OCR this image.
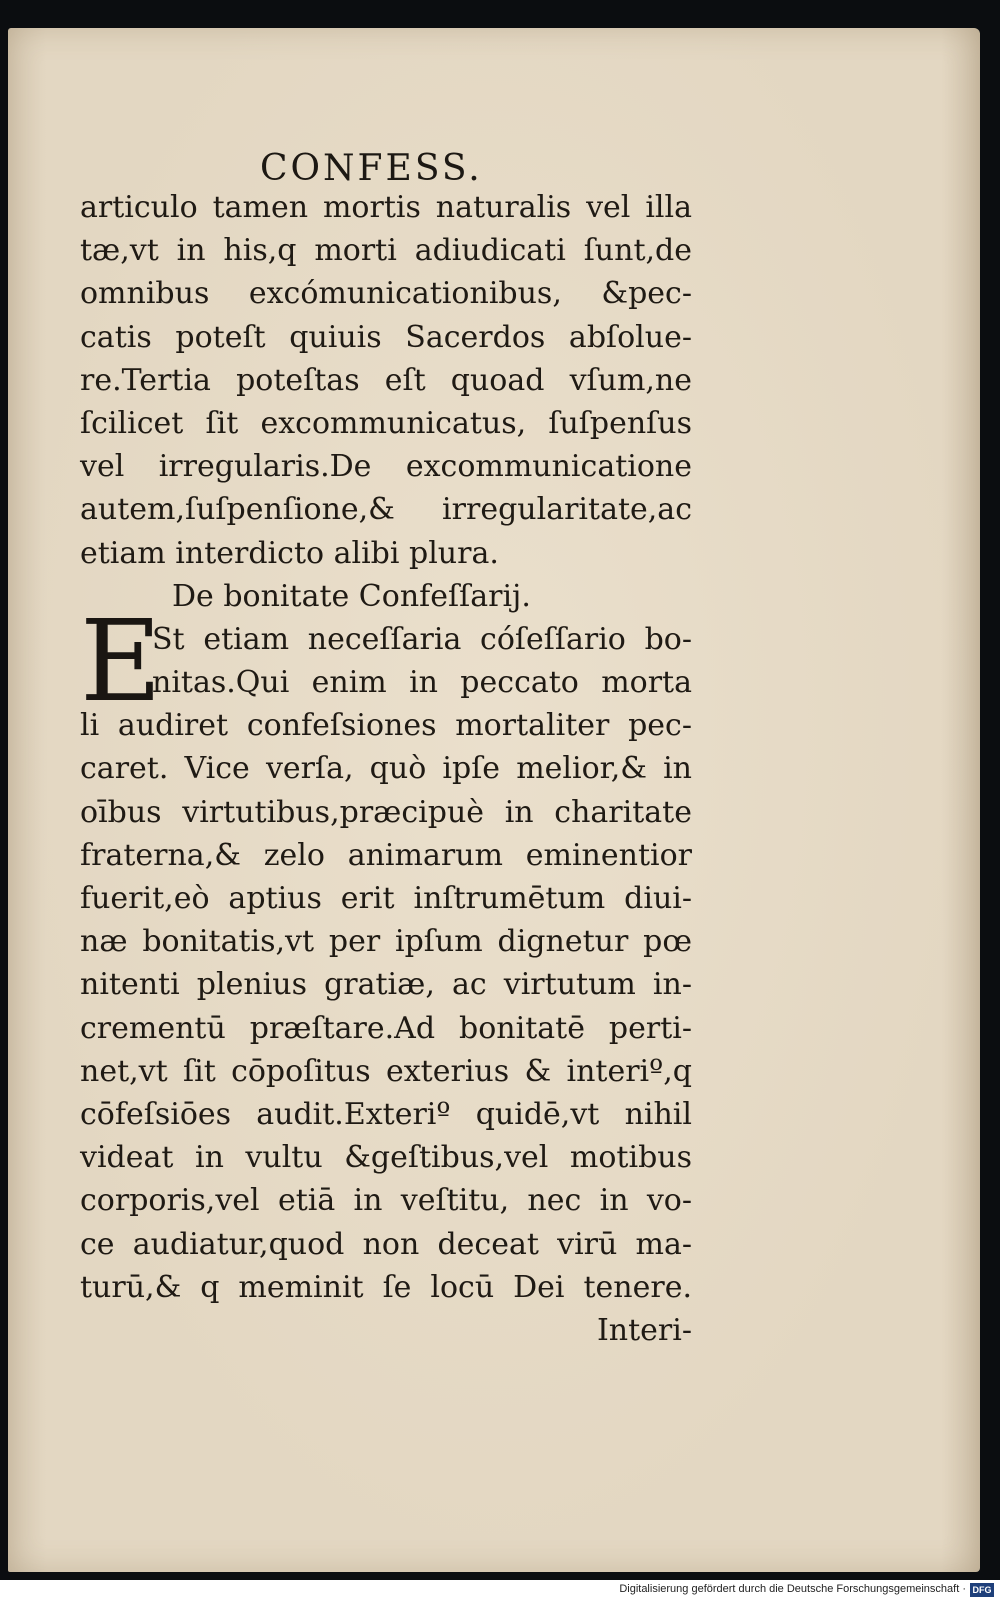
CONFESS.
E
articulo tamen mortis naturalis vel illa
tæ,vt in his,q morti adiudicati ſunt,de
omnibus excómunicationibus, &pec-
catis poteſt quiuis Sacerdos abſolue-
re.Tertia poteſtas eſt quoad vſum,ne
ſcilicet ſit excommunicatus, ſuſpenſus
vel irregularis.De excommunicatione
autem,ſuſpenſione,& irregularitate,ac
etiam interdicto alibi plura.
De bonitate Confeſſarij.
St etiam neceſſaria cóſeſſario bo-
nitas.Qui enim in peccato morta
li audiret confeſsiones mortaliter pec-
caret. Vice verſa, quò ipſe melior,& in
oībus virtutibus,præcipuè in charitate
fraterna,& zelo animarum eminentior
fuerit,eò aptius erit inſtrumētum diui-
næ bonitatis,vt per ipſum dignetur pœ
nitenti plenius gratiæ, ac virtutum in-
crementū præſtare.Ad bonitatē perti-
net,vt ſit cōpoſitus exterius & interiº,q
cōfeſsiōes audit.Exteriº quidē,vt nihil
videat in vultu &geſtibus,vel motibus
corporis,vel etiā in veſtitu, nec in vo-
ce audiatur,quod non deceat virū ma-
turū,& q meminit ſe locū Dei tenere.
Interi-
Digitalisierung gefördert durch die Deutsche Forschungsgemeinschaft · DFG
